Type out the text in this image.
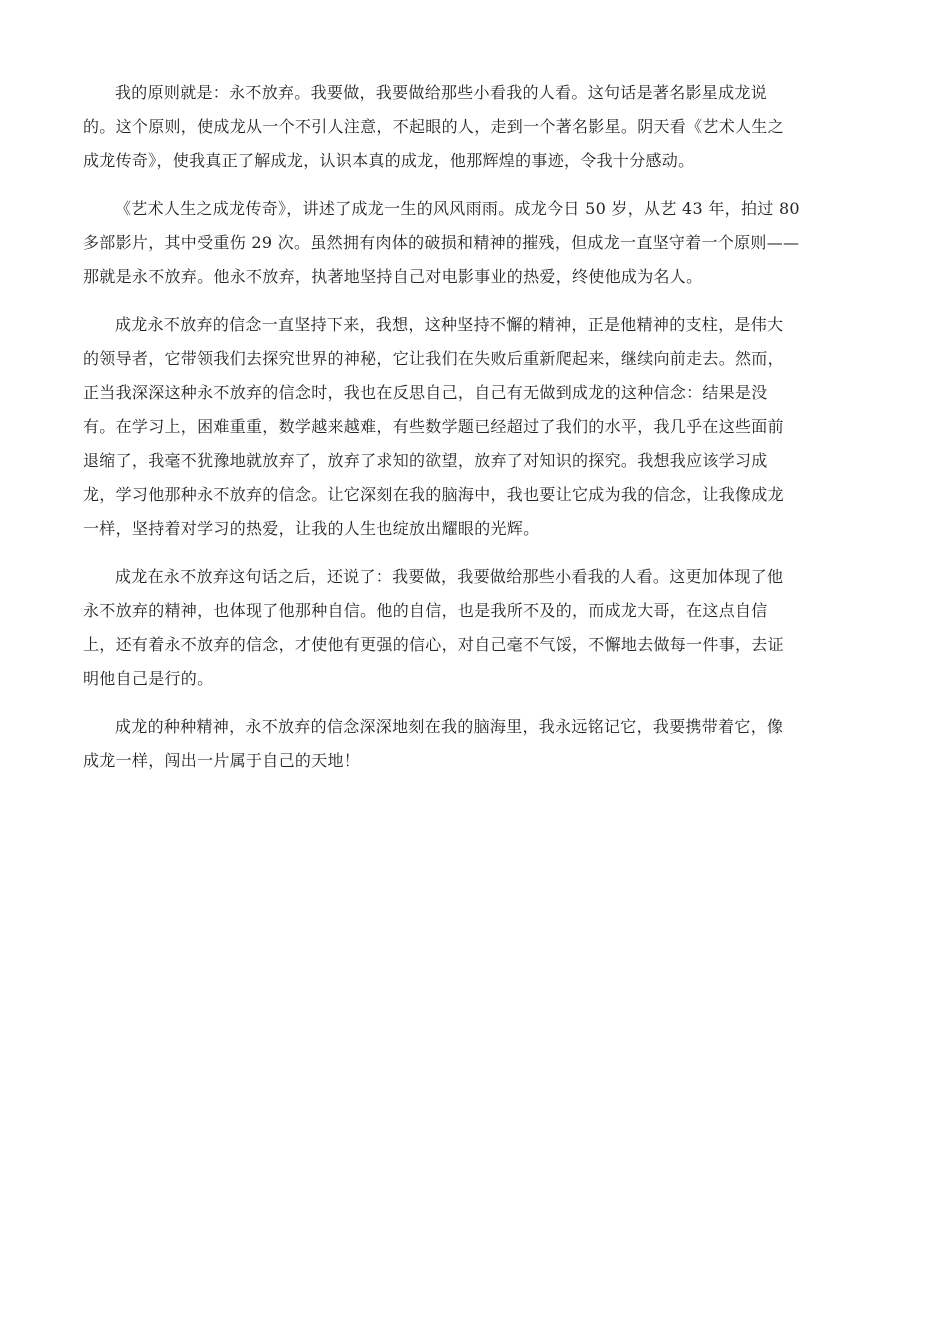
我的原则就是：永不放弃。我要做，我要做给那些小看我的人看。这句话是著名影星成龙说
的。这个原则，使成龙从一个不引人注意，不起眼的人，走到一个著名影星。阴天看《艺术人生之
成龙传奇》，使我真正了解成龙，认识本真的成龙，他那辉煌的事迹，令我十分感动。
《艺术人生之成龙传奇》，讲述了成龙一生的风风雨雨。成龙今日 50 岁，从艺 43 年，拍过 80
多部影片，其中受重伤 29 次。虽然拥有肉体的破损和精神的摧残，但成龙一直坚守着一个原则——
那就是永不放弃。他永不放弃，执著地坚持自己对电影事业的热爱，终使他成为名人。
成龙永不放弃的信念一直坚持下来，我想，这种坚持不懈的精神，正是他精神的支柱，是伟大
的领导者，它带领我们去探究世界的神秘，它让我们在失败后重新爬起来，继续向前走去。然而，
正当我深深这种永不放弃的信念时，我也在反思自己，自己有无做到成龙的这种信念：结果是没
有。在学习上，困难重重，数学越来越难，有些数学题已经超过了我们的水平，我几乎在这些面前
退缩了，我毫不犹豫地就放弃了，放弃了求知的欲望，放弃了对知识的探究。我想我应该学习成
龙，学习他那种永不放弃的信念。让它深刻在我的脑海中，我也要让它成为我的信念，让我像成龙
一样，坚持着对学习的热爱，让我的人生也绽放出耀眼的光辉。
成龙在永不放弃这句话之后，还说了：我要做，我要做给那些小看我的人看。这更加体现了他
永不放弃的精神，也体现了他那种自信。他的自信，也是我所不及的，而成龙大哥，在这点自信
上，还有着永不放弃的信念，才使他有更强的信心，对自己毫不气馁，不懈地去做每一件事，去证
明他自己是行的。
成龙的种种精神，永不放弃的信念深深地刻在我的脑海里，我永远铭记它，我要携带着它，像
成龙一样，闯出一片属于自己的天地！
